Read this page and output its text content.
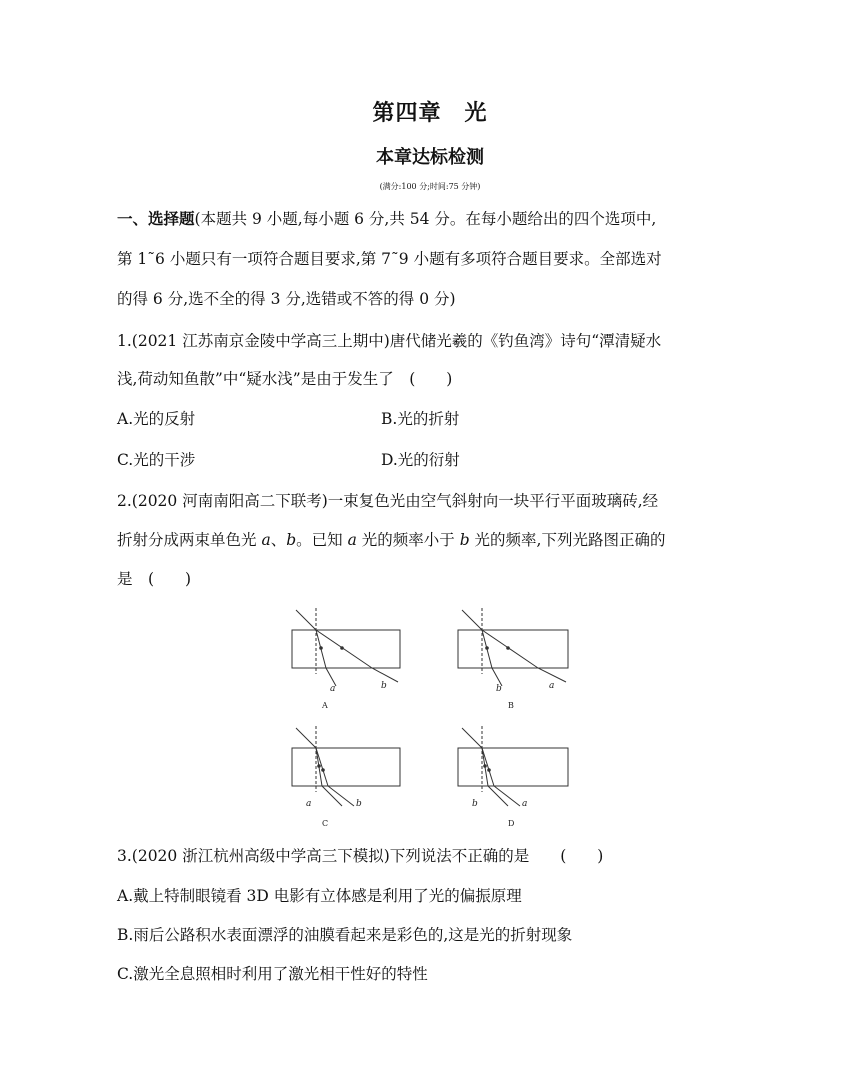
第四章　光
本章达标检测
(满分:100 分;时间:75 分钟)
一、选择题(本题共 9 小题,每小题 6 分,共 54 分。在每小题给出的四个选项中,
第 1˜6 小题只有一项符合题目要求,第 7˜9 小题有多项符合题目要求。全部选对
的得 6 分,选不全的得 3 分,选错或不答的得 0 分)
1.(2021 江苏南京金陵中学高三上期中)唐代储光羲的《钓鱼湾》诗句“潭清疑水
浅,荷动知鱼散”中“疑水浅”是由于发生了　(　　)
A.光的反射	B.光的折射
C.光的干涉	D.光的衍射
2.(2020 河南南阳高二下联考)一束复色光由空气斜射向一块平行平面玻璃砖,经
折射分成两束单色光 a、b。已知 a 光的频率小于 b 光的频率,下列光路图正确的
是　(　　)
a	b
A
b	a
B
a	b
C
b	a
D
3.(2020 浙江杭州高级中学高三下模拟)下列说法不正确的是　　(　　)
A.戴上特制眼镜看 3D 电影有立体感是利用了光的偏振原理
B.雨后公路积水表面漂浮的油膜看起来是彩色的,这是光的折射现象
C.激光全息照相时利用了激光相干性好的特性
